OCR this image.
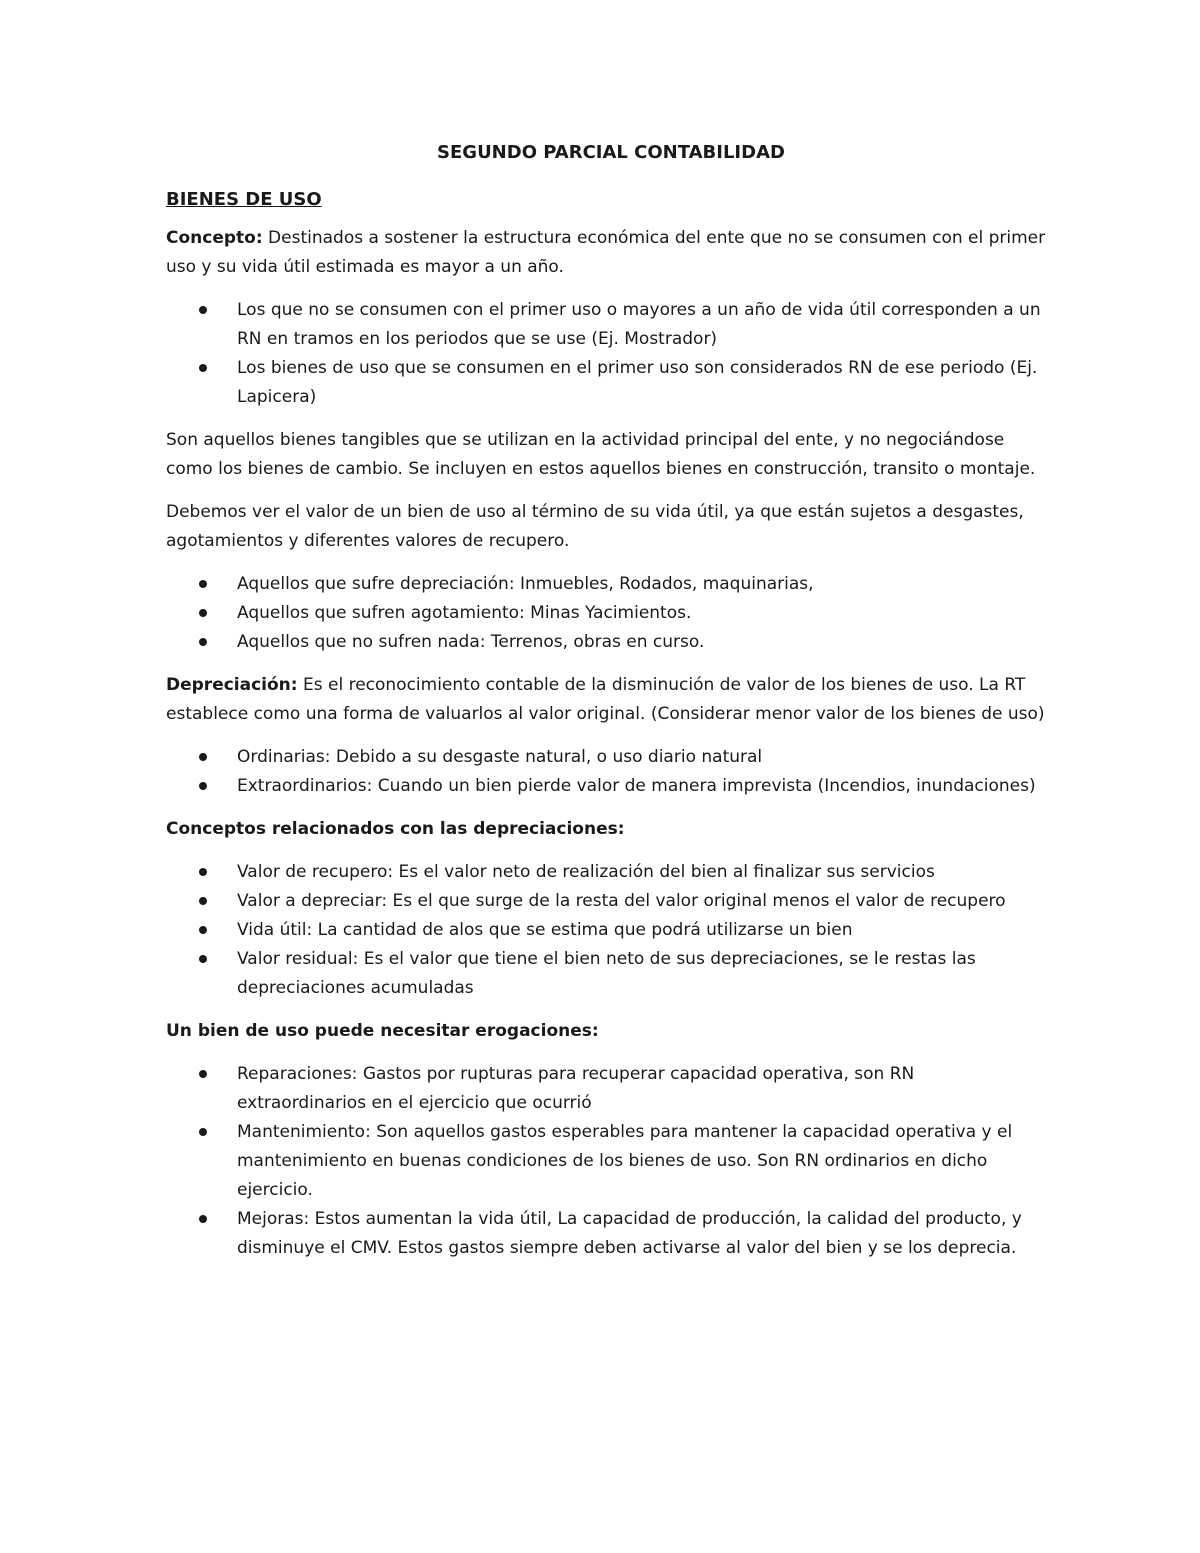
SEGUNDO PARCIAL CONTABILIDAD
BIENES DE USO

Concepto: Destinados a sostener la estructura económica del ente que no se consumen con el primer uso y su vida útil estimada es mayor a un año.

Los que no se consumen con el primer uso o mayores a un año de vida útil corresponden a un RN en tramos en los periodos que se use (Ej. Mostrador)
Los bienes de uso que se consumen en el primer uso son considerados RN de ese periodo (Ej. Lapicera)

Son aquellos bienes tangibles que se utilizan en la actividad principal del ente, y no negociándose como los bienes de cambio. Se incluyen en estos aquellos bienes en construcción, transito o montaje.

Debemos ver el valor de un bien de uso al término de su vida útil, ya que están sujetos a desgastes, agotamientos y diferentes valores de recupero.

Aquellos que sufre depreciación: Inmuebles, Rodados, maquinarias,
Aquellos que sufren agotamiento: Minas Yacimientos.
Aquellos que no sufren nada: Terrenos, obras en curso.

Depreciación: Es el reconocimiento contable de la disminución de valor de los bienes de uso. La RT establece como una forma de valuarlos al valor original. (Considerar menor valor de los bienes de uso)

Ordinarias: Debido a su desgaste natural, o uso diario natural
Extraordinarios: Cuando un bien pierde valor de manera imprevista (Incendios, inundaciones)

Conceptos relacionados con las depreciaciones:

Valor de recupero: Es el valor neto de realización del bien al finalizar sus servicios
Valor a depreciar: Es el que surge de la resta del valor original menos el valor de recupero
Vida útil: La cantidad de alos que se estima que podrá utilizarse un bien
Valor residual: Es el valor que tiene el bien neto de sus depreciaciones, se le restas las depreciaciones acumuladas

Un bien de uso puede necesitar erogaciones:

Reparaciones: Gastos por rupturas para recuperar capacidad operativa, son RN extraordinarios en el ejercicio que ocurrió
Mantenimiento: Son aquellos gastos esperables para mantener la capacidad operativa y el mantenimiento en buenas condiciones de los bienes de uso. Son RN ordinarios en dicho ejercicio.
Mejoras: Estos aumentan la vida útil, La capacidad de producción, la calidad del producto, y disminuye el CMV. Estos gastos siempre deben activarse al valor del bien y se los deprecia.
